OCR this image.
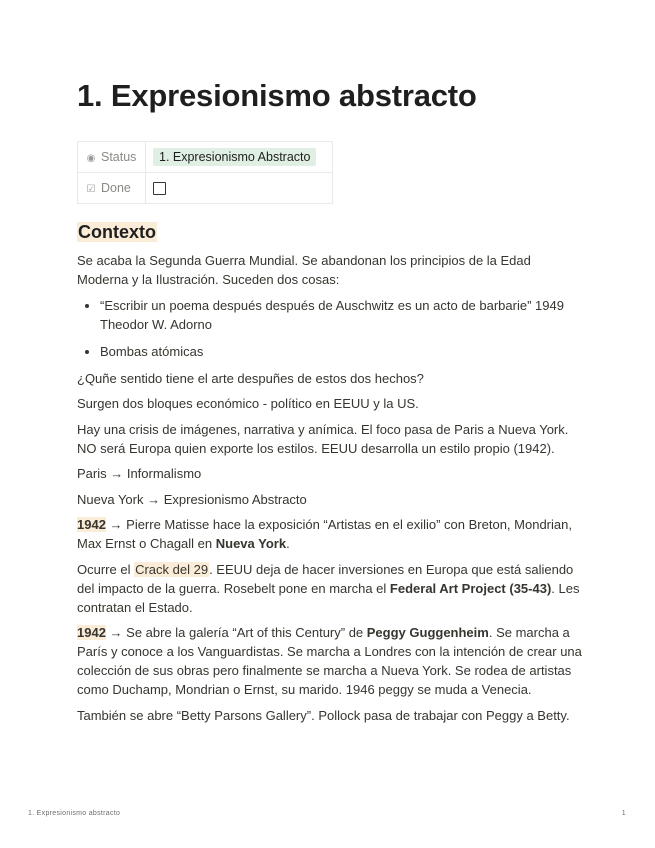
1. Expresionismo abstracto
◉ Status	1. Expresionismo Abstracto
☑ Done	
Contexto

Se acaba la Segunda Guerra Mundial. Se abandonan los principios de la Edad Moderna y la Ilustración. Suceden dos cosas:

• “Escribir un poema después después de Auschwitz es un acto de barbarie” 1949 Theodor W. Adorno
• Bombas atómicas

¿Quñe sentido tiene el arte despuñes de estos dos hechos?

Surgen dos bloques económico - político en EEUU y la US.

Hay una crisis de imágenes, narrativa y anímica. El foco pasa de Paris a Nueva York. NO será Europa quien exporte los estilos. EEUU desarrolla un estilo propio (1942).

Paris → Informalismo

Nueva York → Expresionismo Abstracto

1942 → Pierre Matisse hace la exposición “Artistas en el exilio” con Breton, Mondrian, Max Ernst o Chagall en Nueva York.

Ocurre el Crack del 29. EEUU deja de hacer inversiones en Europa que está saliendo del impacto de la guerra. Rosebelt pone en marcha el Federal Art Project (35-43). Les contratan el Estado.

1942 → Se abre la galería “Art of this Century” de Peggy Guggenheim. Se marcha a París y conoce a los Vanguardistas. Se marcha a Londres con la intención de crear una colección de sus obras pero finalmente se marcha a Nueva York. Se rodea de artistas como Duchamp, Mondrian o Ernst, su marido. 1946 peggy se muda a Venecia.

También se abre “Betty Parsons Gallery”. Pollock pasa de trabajar con Peggy a Betty.

1. Expresionismo abstracto	1
